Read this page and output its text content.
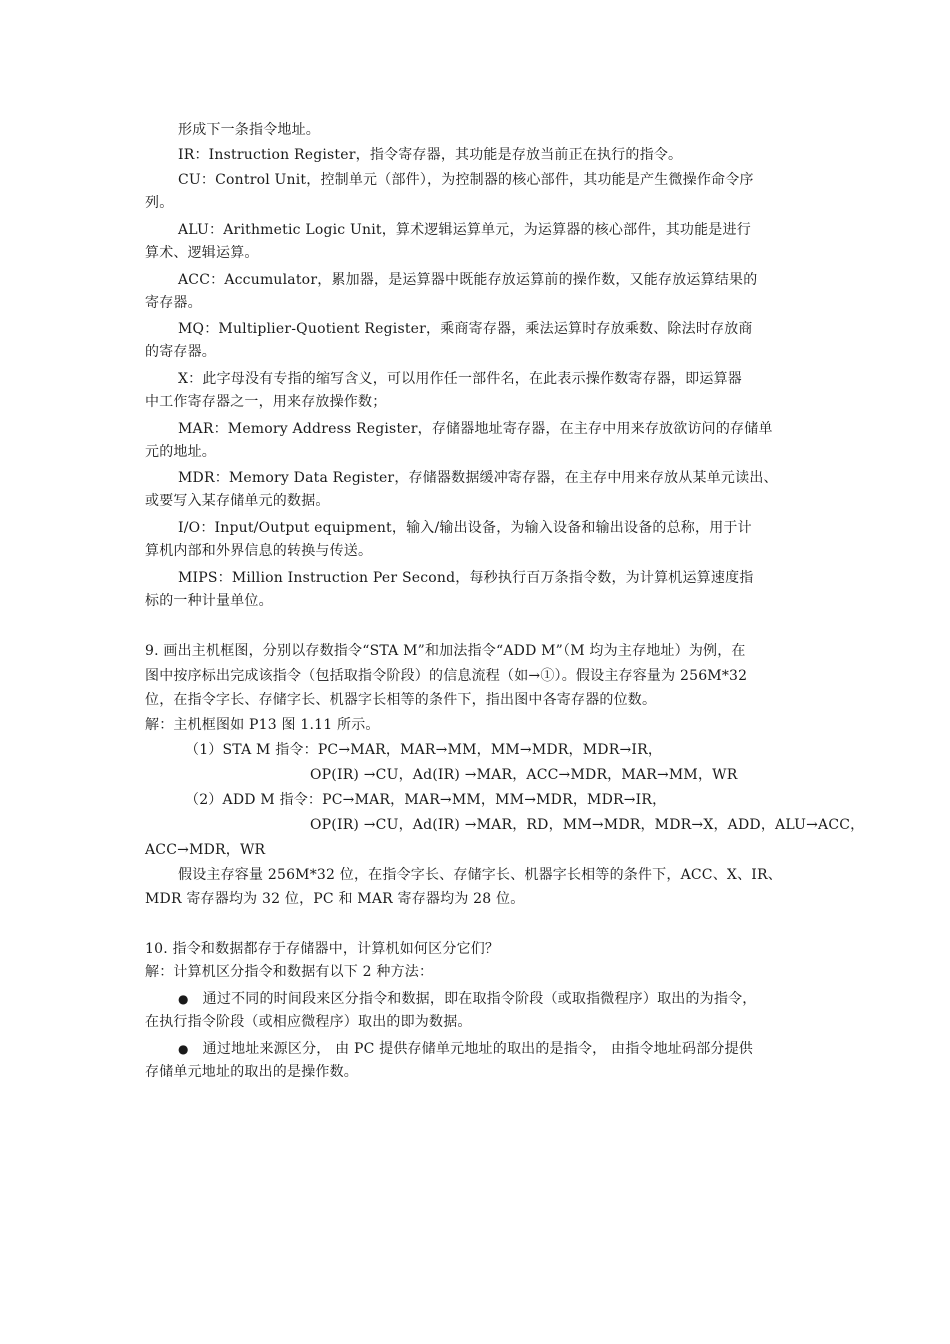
形成下一条指令地址。
IR：Instruction Register，指令寄存器，其功能是存放当前正在执行的指令。
CU：Control Unit，控制单元（部件），为控制器的核心部件，其功能是产生微操作命令序
列。
ALU：Arithmetic Logic Unit，算术逻辑运算单元，为运算器的核心部件，其功能是进行
算术、逻辑运算。
ACC：Accumulator，累加器，是运算器中既能存放运算前的操作数，又能存放运算结果的
寄存器。
MQ：Multiplier-Quotient Register，乘商寄存器，乘法运算时存放乘数、除法时存放商
的寄存器。
X：此字母没有专指的缩写含义，可以用作任一部件名，在此表示操作数寄存器，即运算器
中工作寄存器之一，用来存放操作数；
MAR：Memory Address Register，存储器地址寄存器，在主存中用来存放欲访问的存储单
元的地址。
MDR：Memory Data Register，存储器数据缓冲寄存器，在主存中用来存放从某单元读出、
或要写入某存储单元的数据。
I/O：Input/Output equipment，输入/输出设备，为输入设备和输出设备的总称，用于计
算机内部和外界信息的转换与传送。
MIPS：Million Instruction Per Second，每秒执行百万条指令数，为计算机运算速度指
标的一种计量单位。
9. 画出主机框图，分别以存数指令“STA M”和加法指令“ADD M”（M 均为主存地址）为例，在
图中按序标出完成该指令（包括取指令阶段）的信息流程（如→①）。假设主存容量为 256M*32
位，在指令字长、存储字长、机器字长相等的条件下，指出图中各寄存器的位数。
解：主机框图如 P13 图 1.11 所示。
（1）STA M 指令：PC→MAR，MAR→MM，MM→MDR，MDR→IR，
OP(IR) →CU，Ad(IR) →MAR，ACC→MDR，MAR→MM，WR
（2）ADD M 指令：PC→MAR，MAR→MM，MM→MDR，MDR→IR，
OP(IR) →CU，Ad(IR) →MAR，RD，MM→MDR，MDR→X，ADD，ALU→ACC，
ACC→MDR，WR
假设主存容量 256M*32 位，在指令字长、存储字长、机器字长相等的条件下，ACC、X、IR、
MDR 寄存器均为 32 位，PC 和 MAR 寄存器均为 28 位。
10. 指令和数据都存于存储器中，计算机如何区分它们？
解：计算机区分指令和数据有以下 2 种方法：
● 通过不同的时间段来区分指令和数据，即在取指令阶段（或取指微程序）取出的为指令，
在执行指令阶段（或相应微程序）取出的即为数据。
● 通过地址来源区分， 由 PC 提供存储单元地址的取出的是指令， 由指令地址码部分提供
存储单元地址的取出的是操作数。
